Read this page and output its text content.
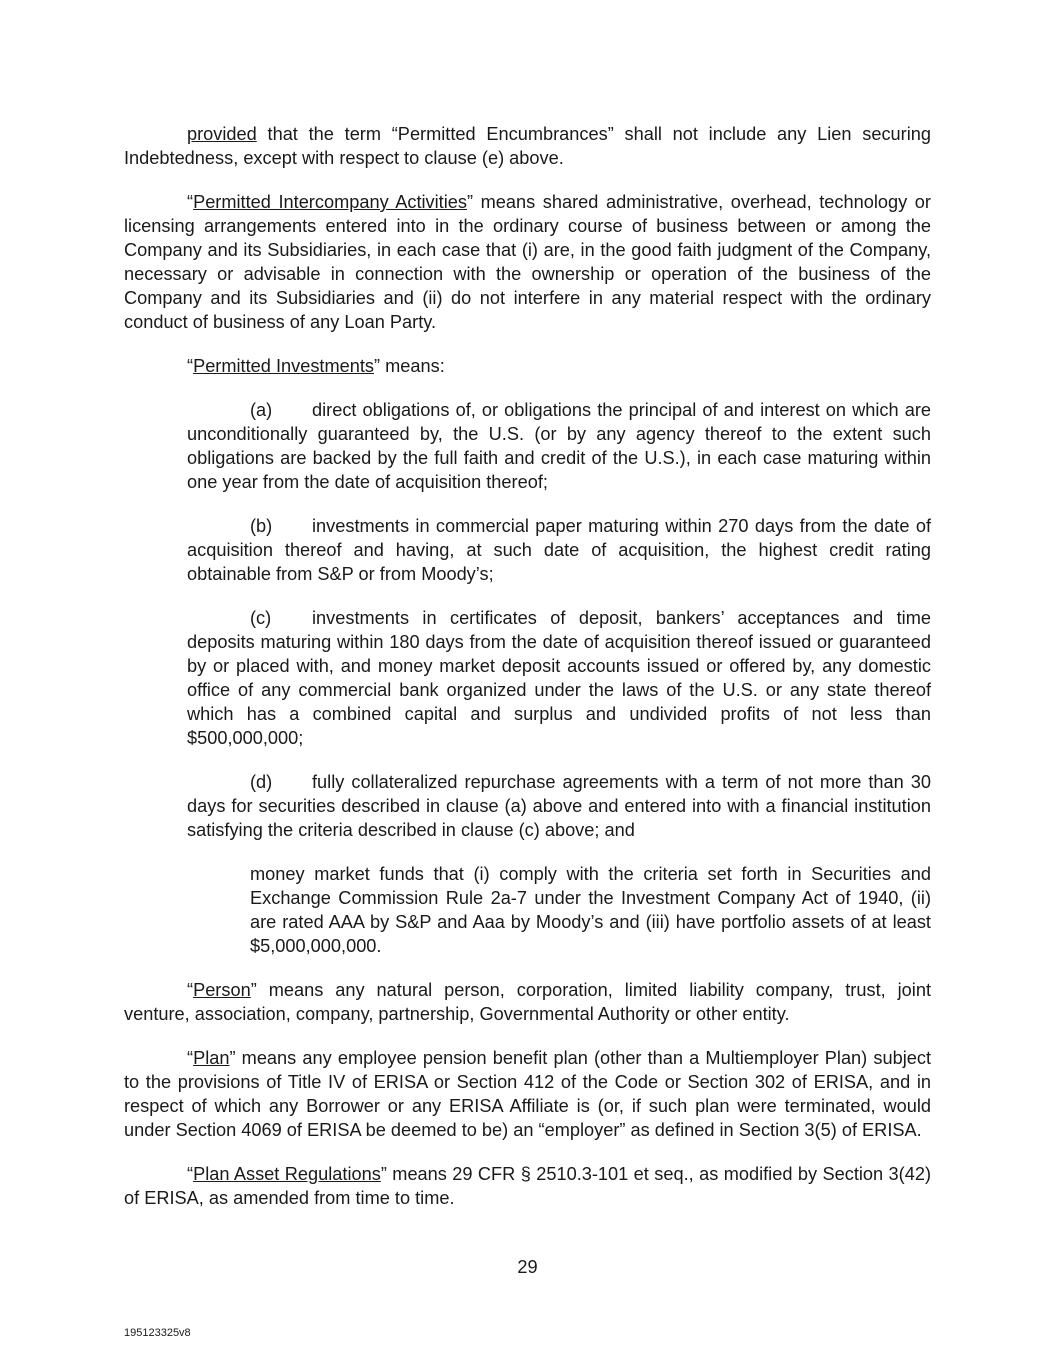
provided that the term “Permitted Encumbrances” shall not include any Lien securing Indebtedness, except with respect to clause (e) above.

“Permitted Intercompany Activities” means shared administrative, overhead, technology or licensing arrangements entered into in the ordinary course of business between or among the Company and its Subsidiaries, in each case that (i) are, in the good faith judgment of the Company, necessary or advisable in connection with the ownership or operation of the business of the Company and its Subsidiaries and (ii) do not interfere in any material respect with the ordinary conduct of business of any Loan Party.

“Permitted Investments” means:

(a) direct obligations of, or obligations the principal of and interest on which are unconditionally guaranteed by, the U.S. (or by any agency thereof to the extent such obligations are backed by the full faith and credit of the U.S.), in each case maturing within one year from the date of acquisition thereof;

(b) investments in commercial paper maturing within 270 days from the date of acquisition thereof and having, at such date of acquisition, the highest credit rating obtainable from S&P or from Moody’s;

(c) investments in certificates of deposit, bankers’ acceptances and time deposits maturing within 180 days from the date of acquisition thereof issued or guaranteed by or placed with, and money market deposit accounts issued or offered by, any domestic office of any commercial bank organized under the laws of the U.S. or any state thereof which has a combined capital and surplus and undivided profits of not less than $500,000,000;

(d) fully collateralized repurchase agreements with a term of not more than 30 days for securities described in clause (a) above and entered into with a financial institution satisfying the criteria described in clause (c) above; and

money market funds that (i) comply with the criteria set forth in Securities and Exchange Commission Rule 2a-7 under the Investment Company Act of 1940, (ii) are rated AAA by S&P and Aaa by Moody’s and (iii) have portfolio assets of at least $5,000,000,000.

“Person” means any natural person, corporation, limited liability company, trust, joint venture, association, company, partnership, Governmental Authority or other entity.

“Plan” means any employee pension benefit plan (other than a Multiemployer Plan) subject to the provisions of Title IV of ERISA or Section 412 of the Code or Section 302 of ERISA, and in respect of which any Borrower or any ERISA Affiliate is (or, if such plan were terminated, would under Section 4069 of ERISA be deemed to be) an “employer” as defined in Section 3(5) of ERISA.

“Plan Asset Regulations” means 29 CFR § 2510.3-101 et seq., as modified by Section 3(42) of ERISA, as amended from time to time.

29
195123325v8
